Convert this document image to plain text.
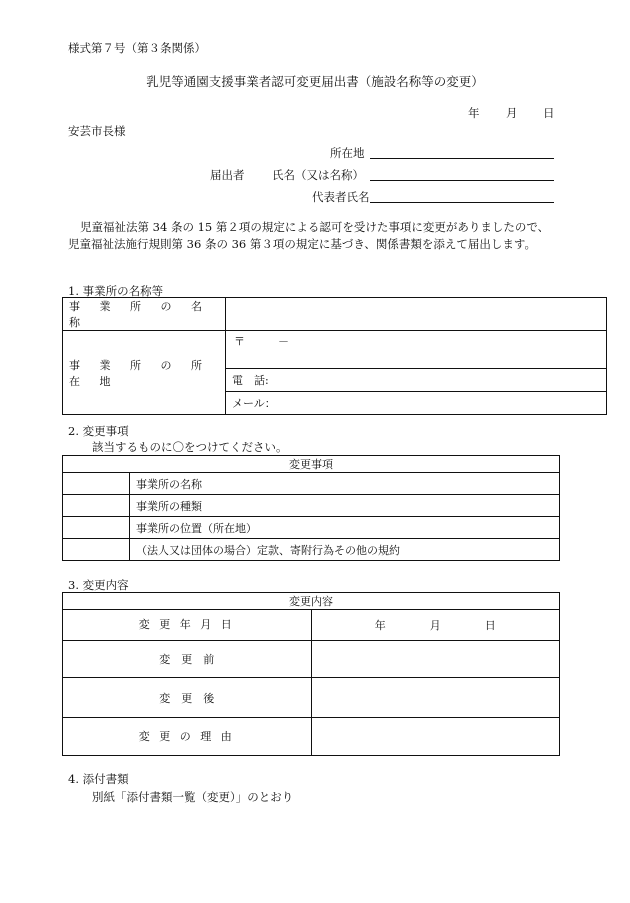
様式第７号（第３条関係）
乳児等通園支援事業者認可変更届出書（施設名称等の変更）
年 月 日
安芸市長様
所在地
届出者 氏名（又は名称）
代表者氏名
児童福祉法第 34 条の 15 第２項の規定による認可を受けた事項に変更がありましたので、児童福祉法施行規則第 36 条の 36 第３項の規定に基づき、関係書類を添えて届出します。
1. 事業所の名称等
事 業 所 の 名 称	
事 業 所 の 所 在 地	〒　　　－
	電　話:
	メール：
2. 変更事項
該当するものに〇をつけてください。
変更事項	
	事業所の名称
	事業所の種類
	事業所の位置（所在地）
	（法人又は団体の場合）定款、寄附行為その他の規約
3. 変更内容
変更内容	
変 更 年 月 日	年　　　　月　　　　日
変　更　前	
変　更　後	
変 更 の 理 由	
4. 添付書類
別紙「添付書類一覧（変更）」のとおり
